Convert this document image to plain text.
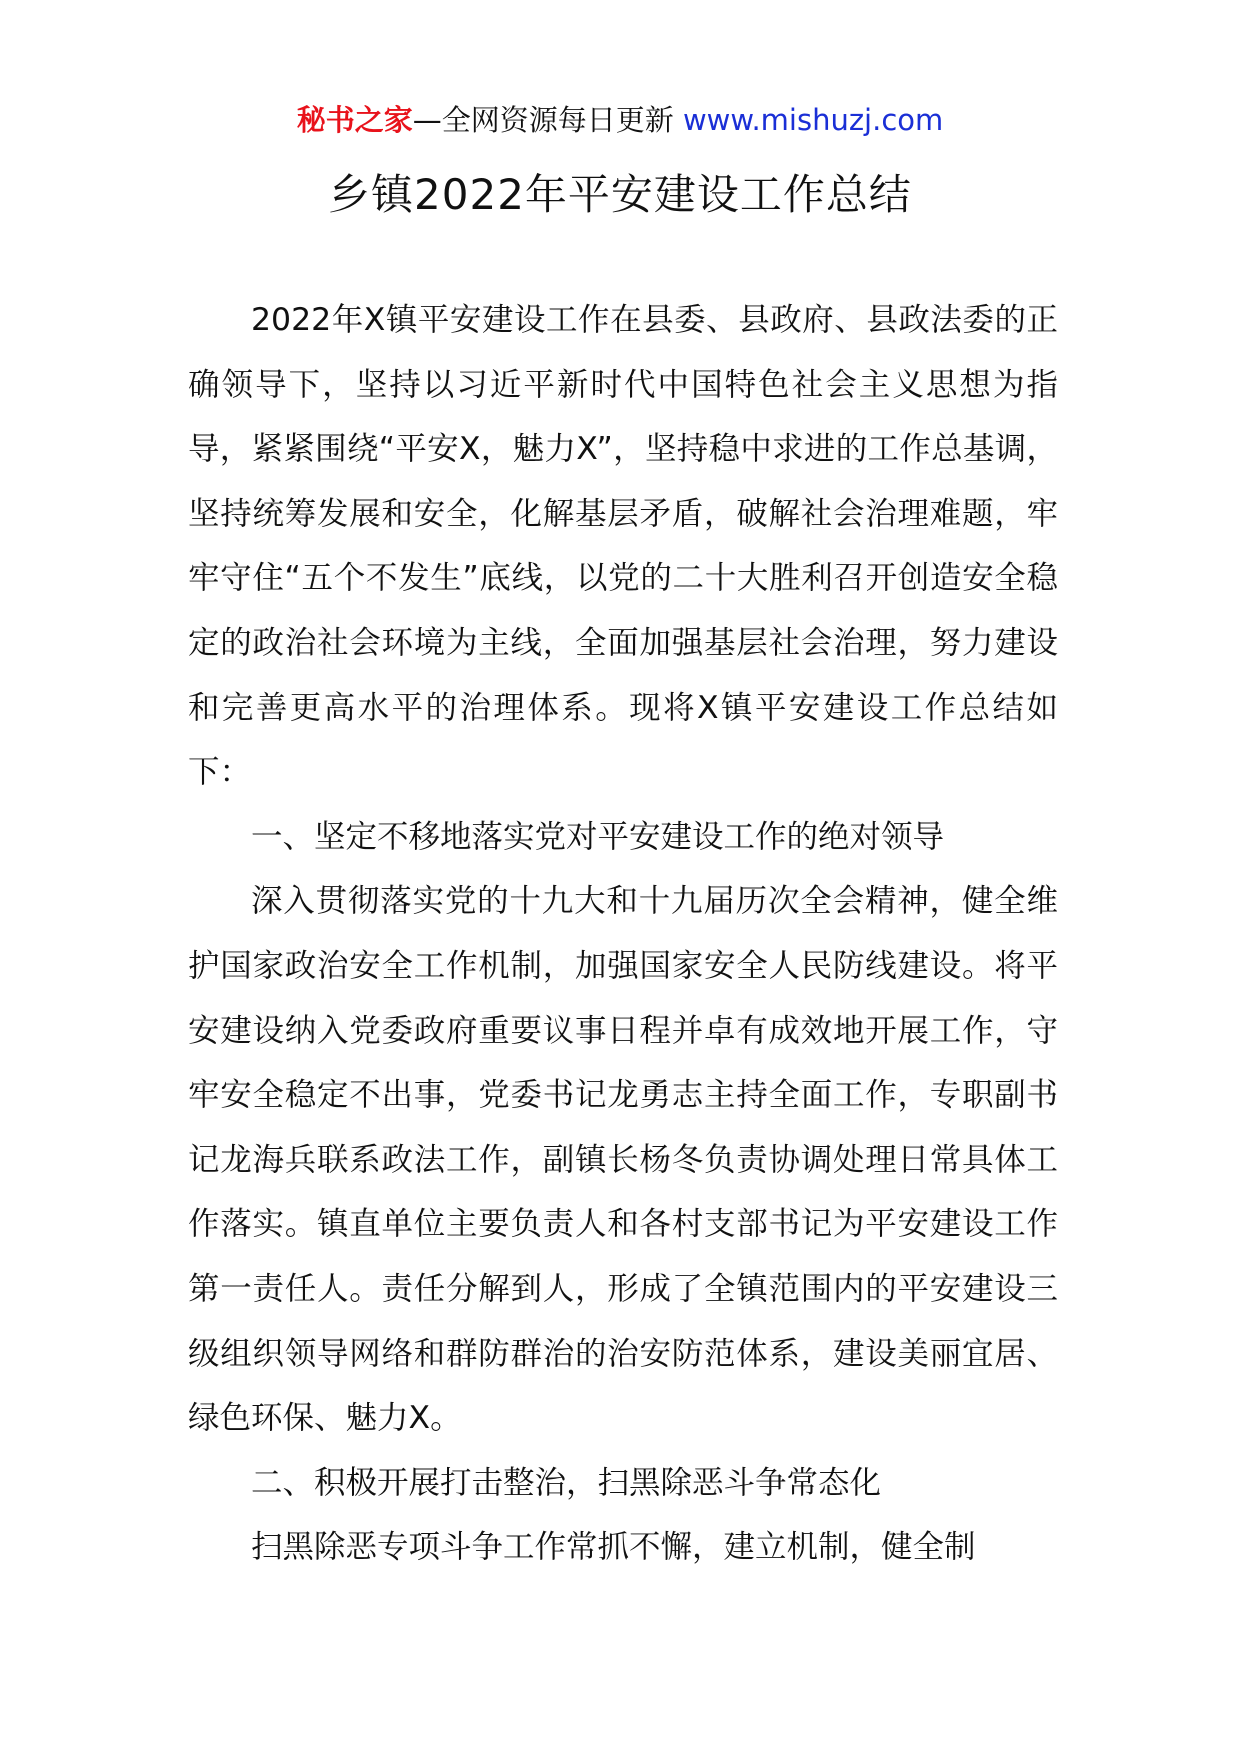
秘书之家—全网资源每日更新 www.mishuzj.com
乡镇2022年平安建设工作总结

2022年X镇平安建设工作在县委、县政府、县政法委的正确领导下，坚持以习近平新时代中国特色社会主义思想为指导，紧紧围绕“平安X，魅力X”，坚持稳中求进的工作总基调，坚持统筹发展和安全，化解基层矛盾，破解社会治理难题，牢牢守住“五个不发生”底线，以党的二十大胜利召开创造安全稳定的政治社会环境为主线，全面加强基层社会治理，努力建设和完善更高水平的治理体系。现将X镇平安建设工作总结如下：

一、坚定不移地落实党对平安建设工作的绝对领导

深入贯彻落实党的十九大和十九届历次全会精神，健全维护国家政治安全工作机制，加强国家安全人民防线建设。将平安建设纳入党委政府重要议事日程并卓有成效地开展工作，守牢安全稳定不出事，党委书记龙勇志主持全面工作，专职副书记龙海兵联系政法工作，副镇长杨冬负责协调处理日常具体工作落实。镇直单位主要负责人和各村支部书记为平安建设工作第一责任人。责任分解到人，形成了全镇范围内的平安建设三级组织领导网络和群防群治的治安防范体系，建设美丽宜居、绿色环保、魅力X。

二、积极开展打击整治，扫黑除恶斗争常态化

扫黑除恶专项斗争工作常抓不懈，建立机制，健全制
